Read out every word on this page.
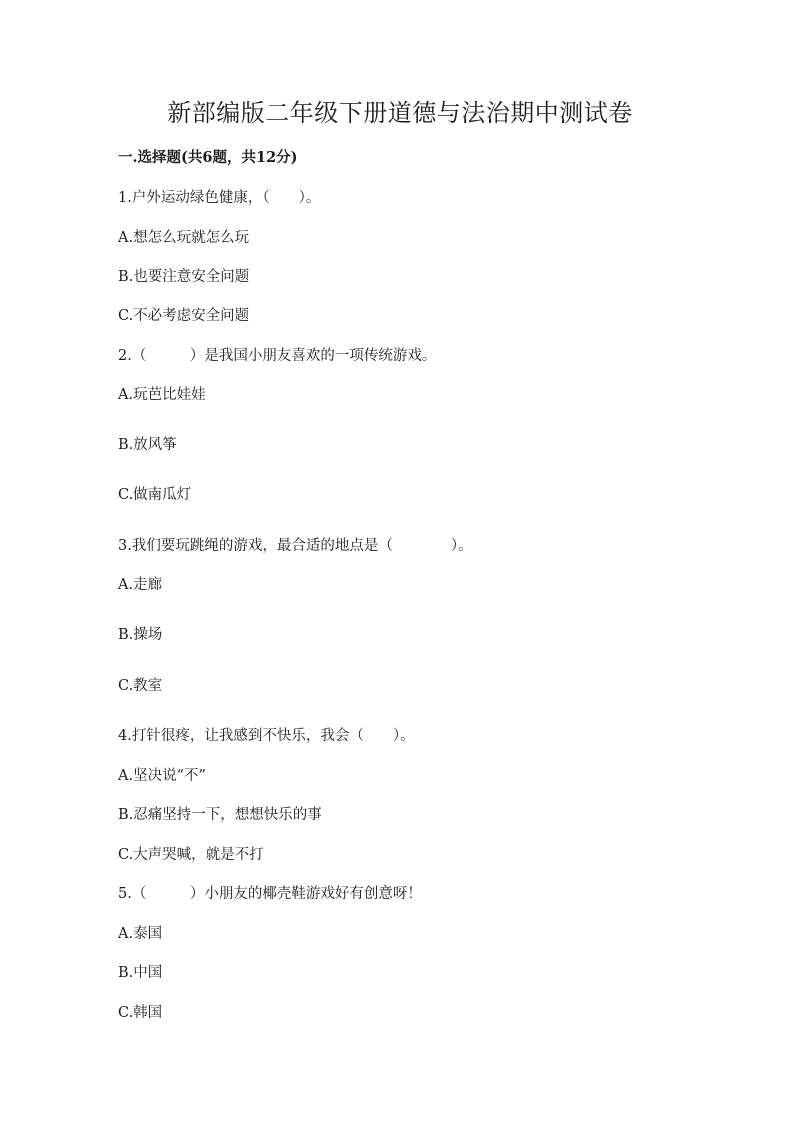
新部编版二年级下册道德与法治期中测试卷
一.选择题(共6题，共12分)
1.户外运动绿色健康，（　　）。
A.想怎么玩就怎么玩
B.也要注意安全问题
C.不必考虑安全问题
2.（　　　）是我国小朋友喜欢的一项传统游戏。
A.玩芭比娃娃
B.放风筝
C.做南瓜灯
3.我们要玩跳绳的游戏，最合适的地点是（　　　　）。
A.走廊
B.操场
C.教室
4.打针很疼，让我感到不快乐，我会（　　）。
A.坚决说“不”
B.忍痛坚持一下，想想快乐的事
C.大声哭喊，就是不打
5.（　　　）小朋友的椰壳鞋游戏好有创意呀！
A.泰国
B.中国
C.韩国
